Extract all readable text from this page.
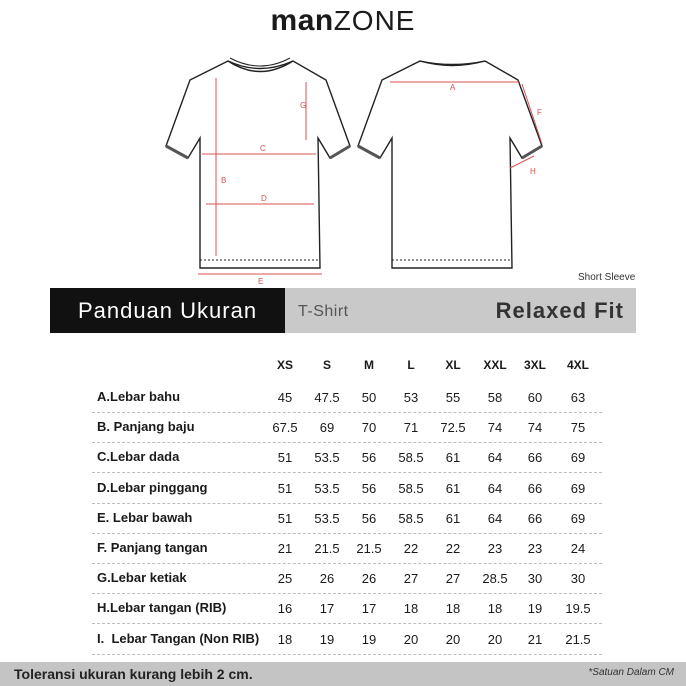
manZONE
B
G
C
D
E
A
F
H
Short Sleeve
Panduan Ukuran	T-Shirt	Relaxed Fit
XS	S	M	L	XL	XXL	3XL	4XL
A.Lebar bahu	45	47.5	50	53	55	58	60	63
B. Panjang baju	67.5	69	70	71	72.5	74	74	75
C.Lebar dada	51	53.5	56	58.5	61	64	66	69
D.Lebar pinggang	51	53.5	56	58.5	61	64	66	69
E. Lebar bawah	51	53.5	56	58.5	61	64	66	69
F. Panjang tangan	21	21.5	21.5	22	22	23	23	24
G.Lebar ketiak	25	26	26	27	27	28.5	30	30
H.Lebar tangan (RIB)	16	17	17	18	18	18	19	19.5
I.  Lebar Tangan (Non RIB)	18	19	19	20	20	20	21	21.5
Toleransi ukuran kurang lebih 2 cm.	*Satuan Dalam CM
